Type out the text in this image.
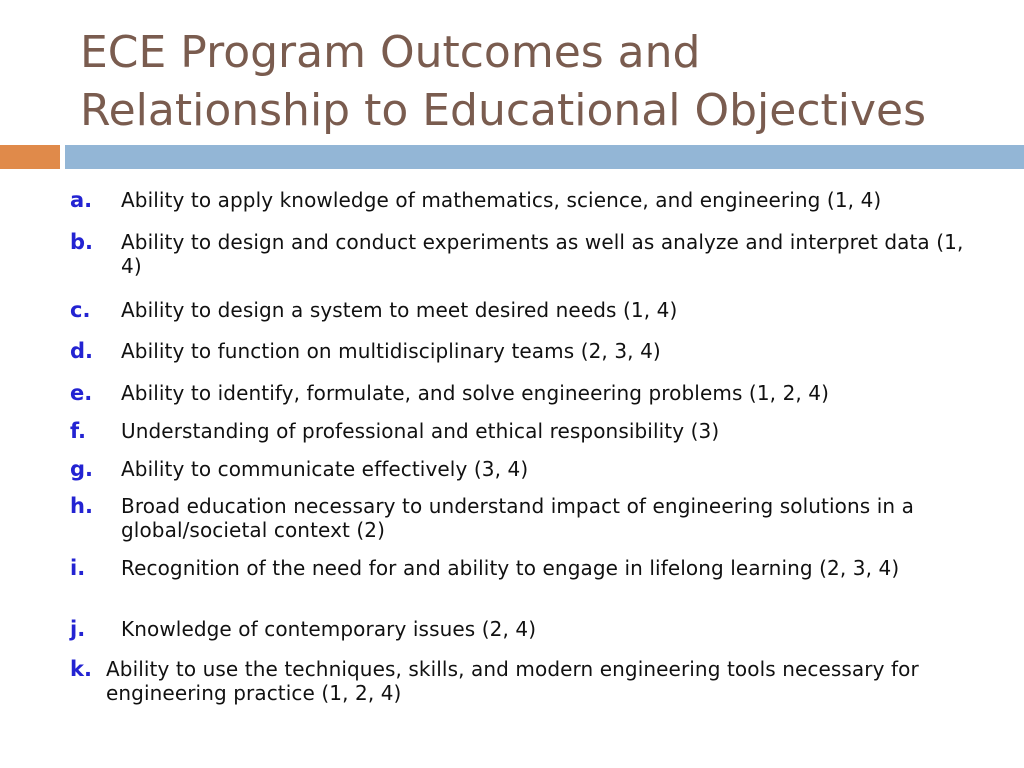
ECE Program Outcomes and
Relationship to Educational Objectives
a. Ability to apply knowledge of mathematics, science, and engineering (1, 4)
b. Ability to design and conduct experiments as well as analyze and interpret data (1, 4)
c. Ability to design a system to meet desired needs (1, 4)
d. Ability to function on multidisciplinary teams (2, 3, 4)
e. Ability to identify, formulate, and solve engineering problems (1, 2, 4)
f. Understanding of professional and ethical responsibility (3)
g. Ability to communicate effectively (3, 4)
h. Broad education necessary to understand impact of engineering solutions in a global/societal context (2)
i. Recognition of the need for and ability to engage in lifelong learning (2, 3, 4)
j. Knowledge of contemporary issues (2, 4)
k. Ability to use the techniques, skills, and modern engineering tools necessary for engineering practice (1, 2, 4)
